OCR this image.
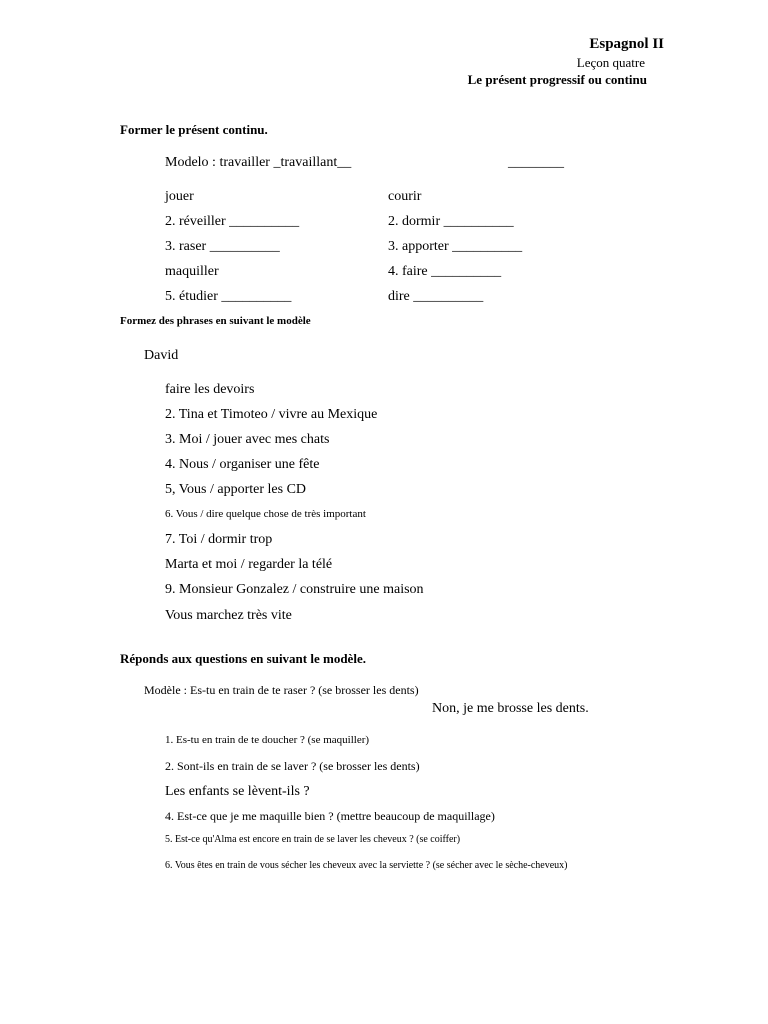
Espagnol II
Leçon quatre
Le présent progressif ou continu
Former le présent continu.
Modelo : travailler _travaillant__	________
jouer
2. réveiller __________
3. raser __________
maquiller
5. étudier __________
courir
2. dormir __________
3. apporter __________
4. faire __________
dire __________
Formez des phrases en suivant le modèle
David
faire les devoirs
2. Tina et Timoteo / vivre au Mexique
3. Moi / jouer avec mes chats
4. Nous / organiser une fête
5, Vous / apporter les CD
6. Vous / dire quelque chose de très important
7. Toi / dormir trop
Marta et moi / regarder la télé
9. Monsieur Gonzalez / construire une maison
Vous marchez très vite
Réponds aux questions en suivant le modèle.
Modèle : Es-tu en train de te raser ? (se brosser les dents)
Non, je me brosse les dents.
1. Es-tu en train de te doucher ? (se maquiller)
2. Sont-ils en train de se laver ? (se brosser les dents)
Les enfants se lèvent-ils ?
4. Est-ce que je me maquille bien ? (mettre beaucoup de maquillage)
5. Est-ce qu'Alma est encore en train de se laver les cheveux ? (se coiffer)
6. Vous êtes en train de vous sécher les cheveux avec la serviette ? (se sécher avec le sèche-cheveux)
